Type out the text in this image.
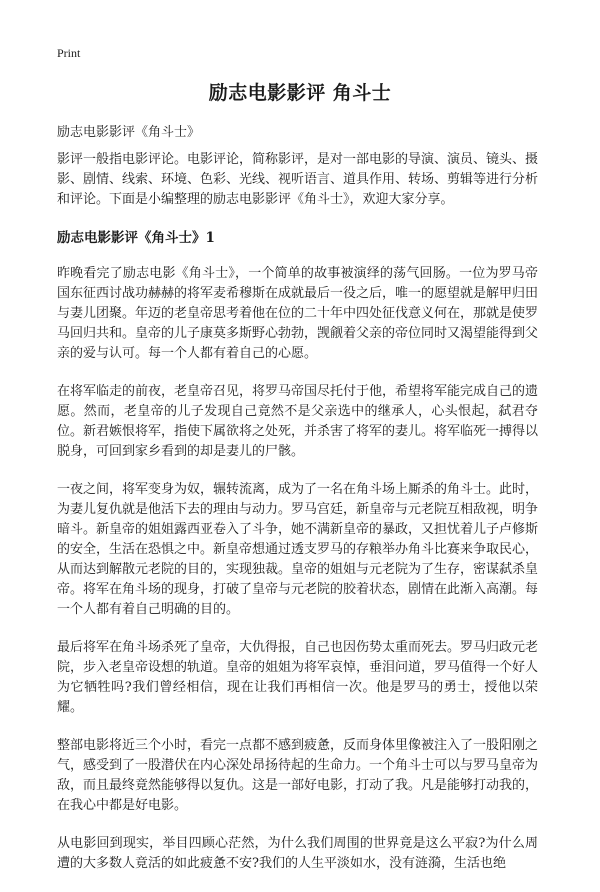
Print
励志电影影评 角斗士

励志电影影评《角斗士》

影评一般指电影评论。电影评论，简称影评，是对一部电影的导演、演员、镜头、摄影、剧情、线索、环境、色彩、光线、视听语言、道具作用、转场、剪辑等进行分析和评论。下面是小编整理的励志电影影评《角斗士》，欢迎大家分享。

励志电影影评《角斗士》1

昨晚看完了励志电影《角斗士》，一个简单的故事被演绎的荡气回肠。一位为罗马帝国东征西讨战功赫赫的将军麦希穆斯在成就最后一役之后，唯一的愿望就是解甲归田与妻儿团聚。年迈的老皇帝思考着他在位的二十年中四处征伐意义何在，那就是使罗马回归共和。皇帝的儿子康莫多斯野心勃勃，觊觎着父亲的帝位同时又渴望能得到父亲的爱与认可。每一个人都有着自己的心愿。

在将军临走的前夜，老皇帝召见，将罗马帝国尽托付于他，希望将军能完成自己的遗愿。然而，老皇帝的儿子发现自己竟然不是父亲选中的继承人，心头恨起，弑君夺位。新君嫉恨将军，指使下属欲将之处死，并杀害了将军的妻儿。将军临死一搏得以脱身，可回到家乡看到的却是妻儿的尸骸。

一夜之间，将军变身为奴，辗转流离，成为了一名在角斗场上厮杀的角斗士。此时，为妻儿复仇就是他活下去的理由与动力。罗马宫廷，新皇帝与元老院互相敌视，明争暗斗。新皇帝的姐姐露西亚卷入了斗争，她不满新皇帝的暴政，又担忧着儿子卢修斯的安全，生活在恐惧之中。新皇帝想通过透支罗马的存粮举办角斗比赛来争取民心，从而达到解散元老院的目的，实现独裁。皇帝的姐姐与元老院为了生存，密谋弑杀皇帝。将军在角斗场的现身，打破了皇帝与元老院的胶着状态，剧情在此渐入高潮。每一个人都有着自己明确的目的。

最后将军在角斗场杀死了皇帝，大仇得报，自己也因伤势太重而死去。罗马归政元老院，步入老皇帝设想的轨道。皇帝的姐姐为将军哀悼，垂泪问道，罗马值得一个好人为它牺牲吗?我们曾经相信，现在让我们再相信一次。他是罗马的勇士，授他以荣耀。

整部电影将近三个小时，看完一点都不感到疲惫，反而身体里像被注入了一股阳刚之气，感受到了一股潜伏在内心深处昂扬待起的生命力。一个角斗士可以与罗马皇帝为敌，而且最终竟然能够得以复仇。这是一部好电影，打动了我。凡是能够打动我的，在我心中都是好电影。

从电影回到现实，举目四顾心茫然，为什么我们周围的世界竟是这么平寂?为什么周遭的大多数人竟活的如此疲惫不安?我们的人生平淡如水，没有涟漪，生活也绝
